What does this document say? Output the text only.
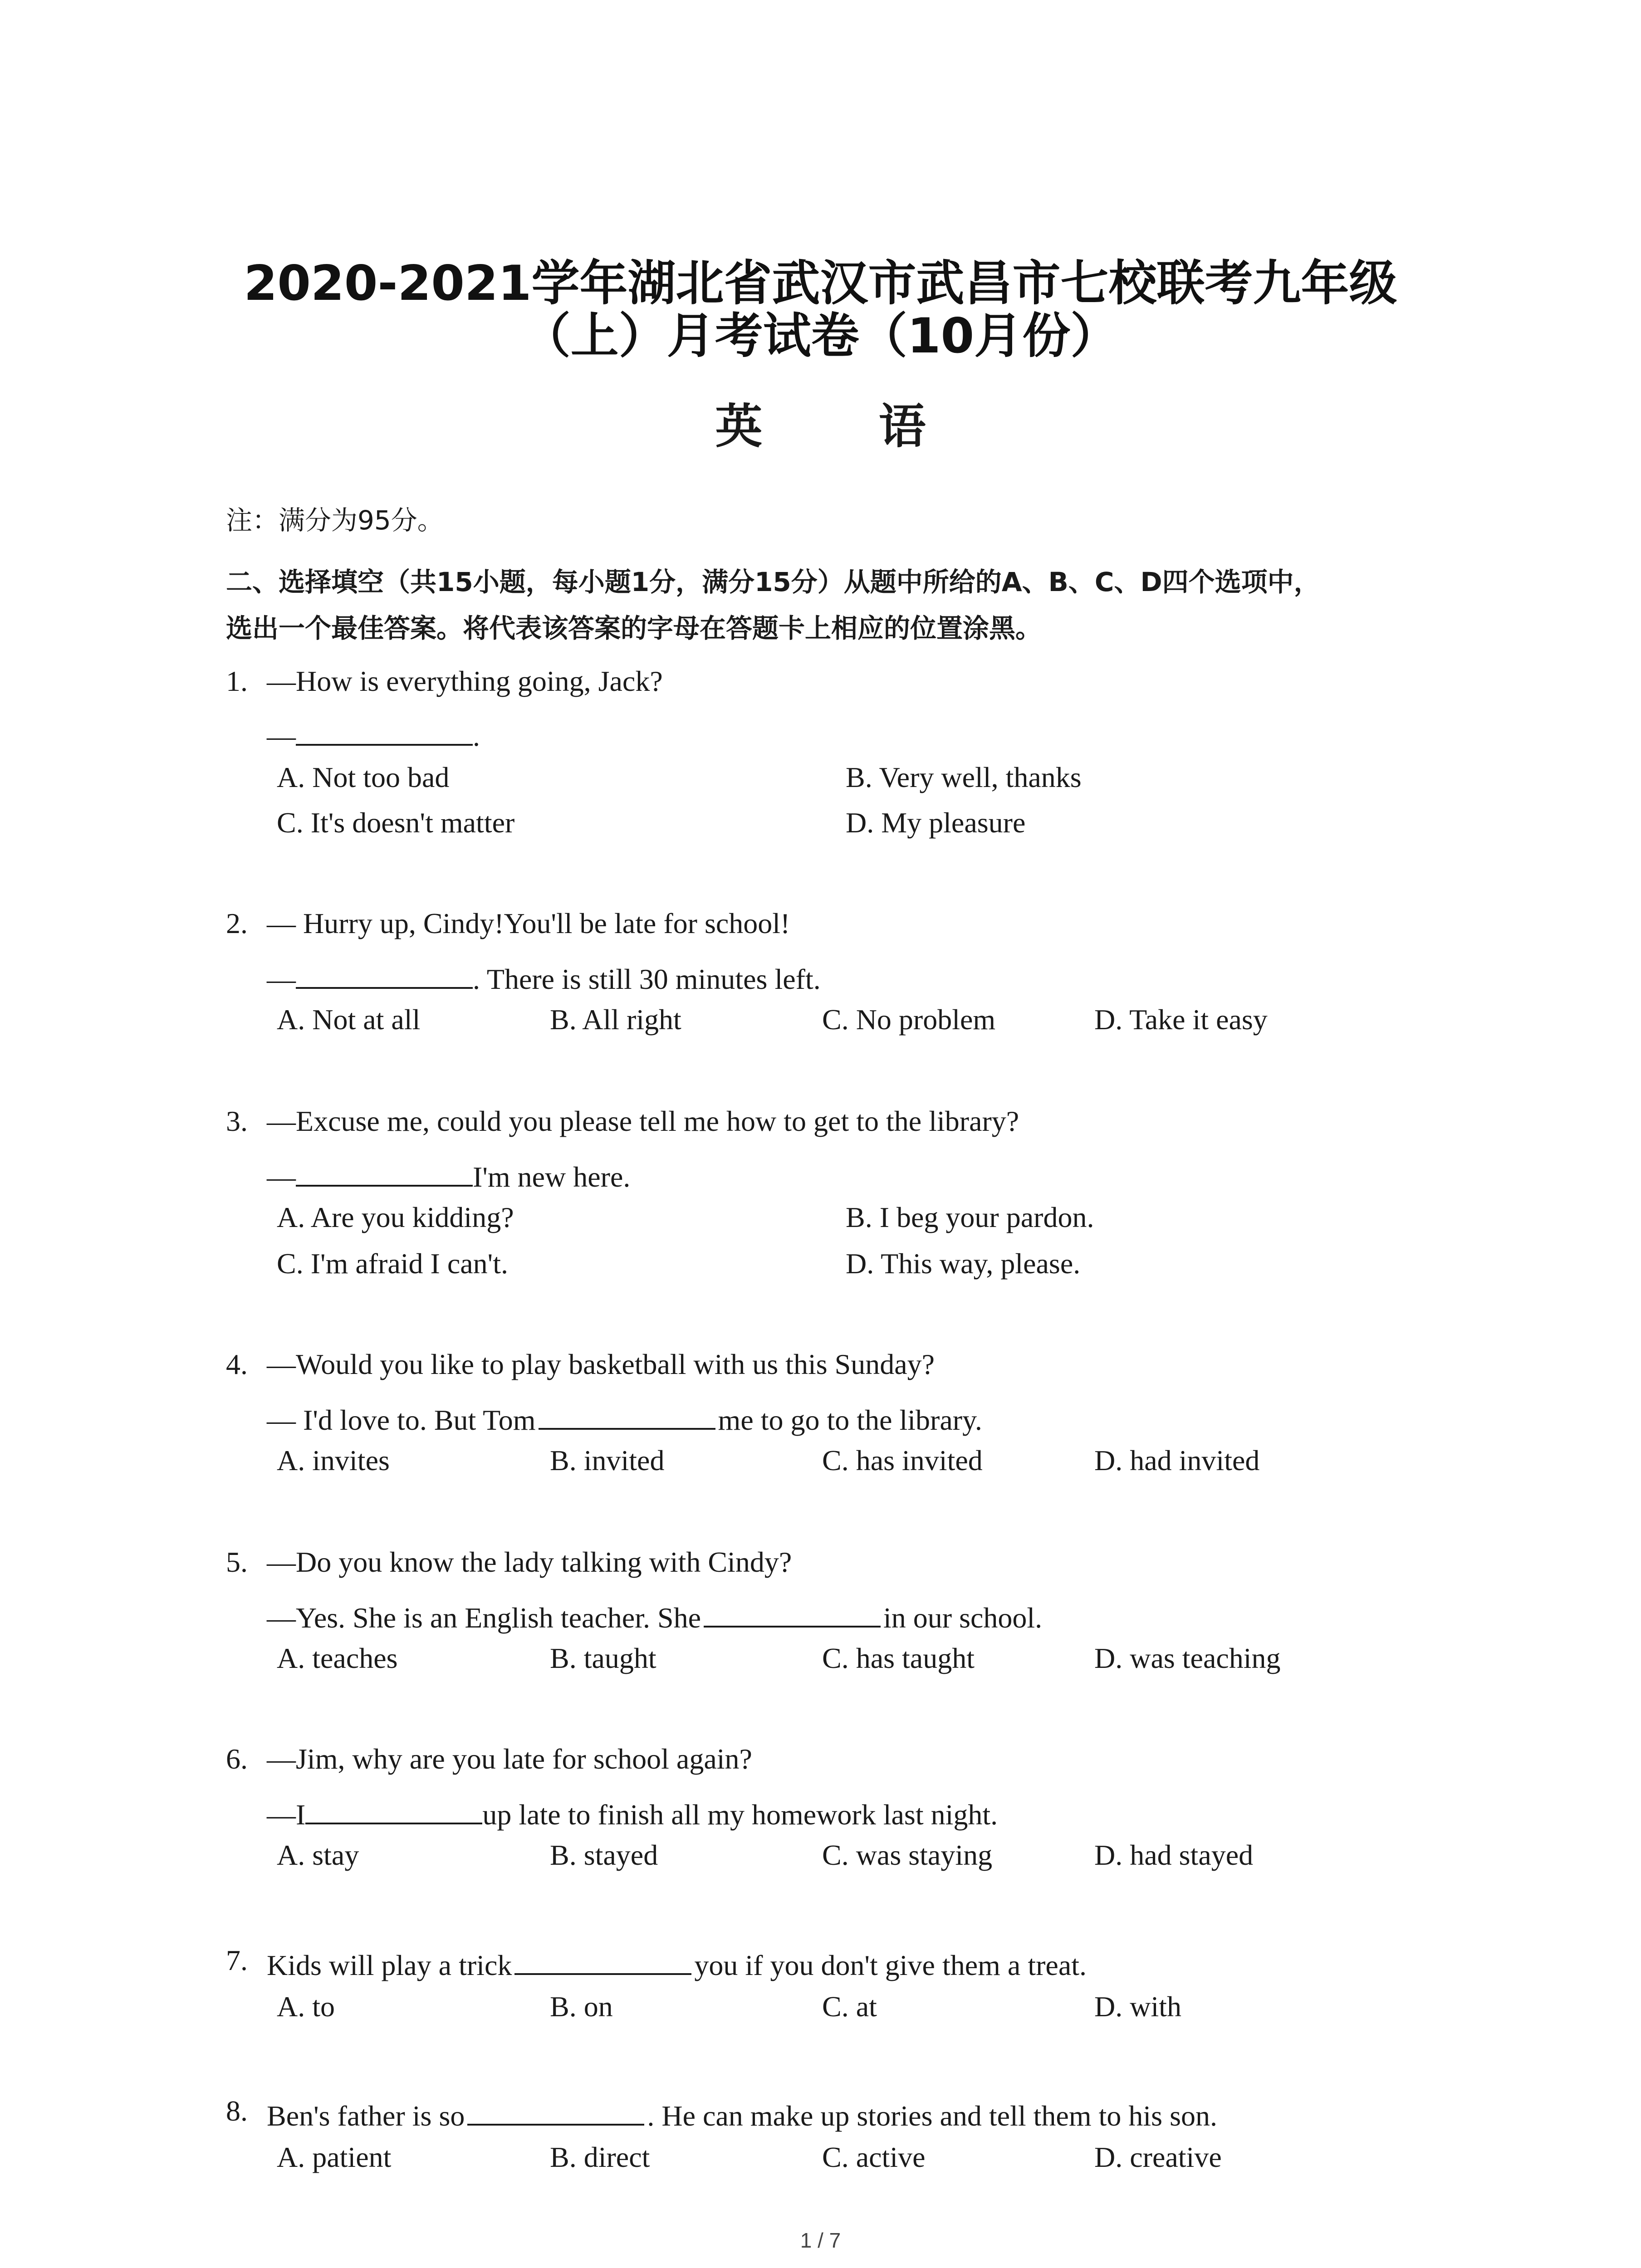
2020-2021学年湖北省武汉市武昌市七校联考九年级
（上）月考试卷（10月份）
英 语
注：满分为95分。
二、选择填空（共15小题，每小题1分，满分15分）从题中所给的A、B、C、D四个选项中，
选出一个最佳答案。将代表该答案的字母在答题卡上相应的位置涂黑。
1. —How is everything going, Jack?
—	.
A. Not too bad	B. Very well, thanks
C. It's doesn't matter	D. My pleasure
2. — Hurry up, Cindy!You'll be late for school!
—	. There is still 30 minutes left.
A. Not at all	B. All right	C. No problem	D. Take it easy
3. —Excuse me, could you please tell me how to get to the library?
—	I'm new here.
A. Are you kidding?	B. I beg your pardon.
C. I'm afraid I can't.	D. This way, please.
4. —Would you like to play basketball with us this Sunday?
— I'd love to. But Tom	me to go to the library.
A. invites	B. invited	C. has invited	D. had invited
5. —Do you know the lady talking with Cindy?
—Yes. She is an English teacher. She	in our school.
A. teaches	B. taught	C. has taught	D. was teaching
6. —Jim, why are you late for school again?
—I	up late to finish all my homework last night.
A. stay	B. stayed	C. was staying	D. had stayed
7. Kids will play a trick	you if you don't give them a treat.
A. to	B. on	C. at	D. with
8. Ben's father is so	. He can make up stories and tell them to his son.
A. patient	B. direct	C. active	D. creative
1 / 7
